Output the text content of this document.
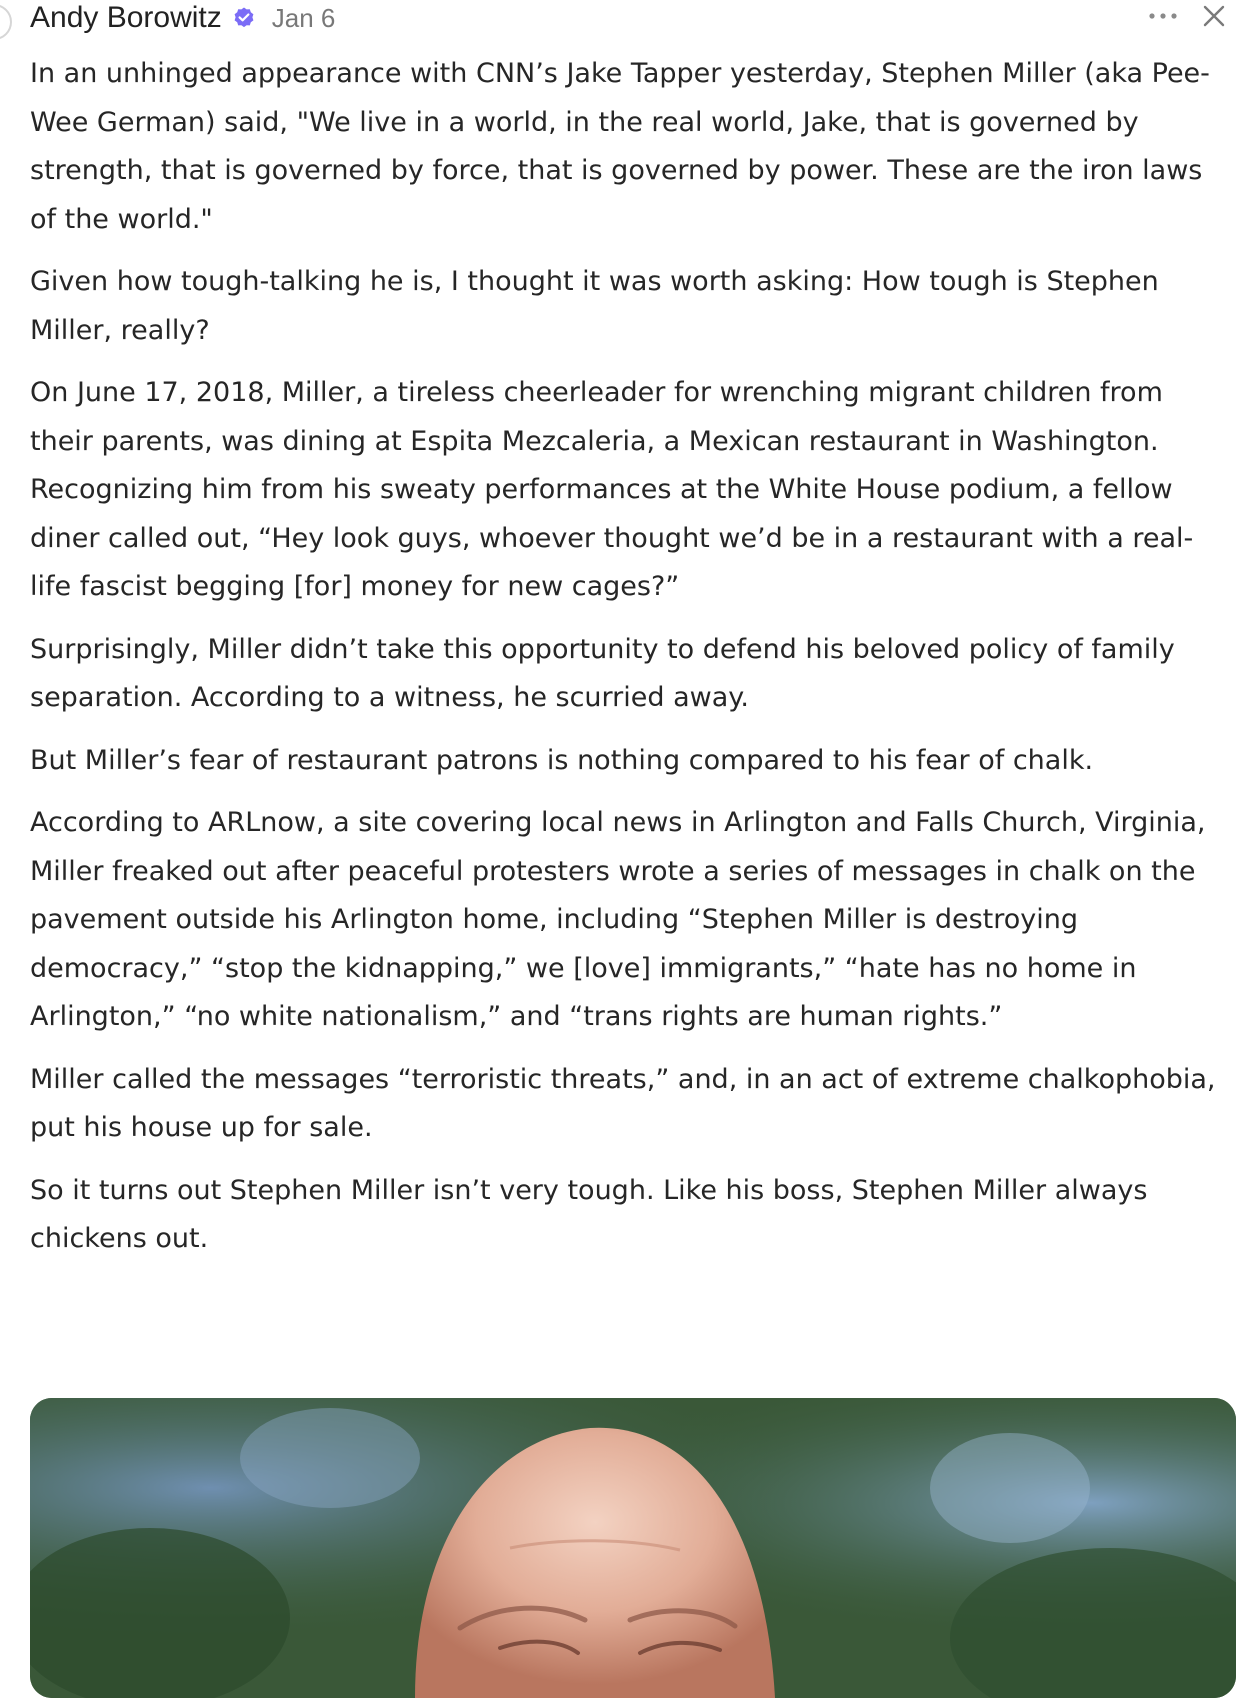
Andy Borowitz Jan 6

In an unhinged appearance with CNN’s Jake Tapper yesterday, Stephen Miller (aka Pee-Wee German) said, "We live in a world, in the real world, Jake, that is governed by strength, that is governed by force, that is governed by power. These are the iron laws of the world."

Given how tough-talking he is, I thought it was worth asking: How tough is Stephen Miller, really?

On June 17, 2018, Miller, a tireless cheerleader for wrenching migrant children from their parents, was dining at Espita Mezcaleria, a Mexican restaurant in Washington. Recognizing him from his sweaty performances at the White House podium, a fellow diner called out, “Hey look guys, whoever thought we’d be in a restaurant with a real-life fascist begging [for] money for new cages?”

Surprisingly, Miller didn’t take this opportunity to defend his beloved policy of family separation. According to a witness, he scurried away.

But Miller’s fear of restaurant patrons is nothing compared to his fear of chalk.

According to ARLnow, a site covering local news in Arlington and Falls Church, Virginia, Miller freaked out after peaceful protesters wrote a series of messages in chalk on the pavement outside his Arlington home, including “Stephen Miller is destroying democracy,” “stop the kidnapping,” we [love] immigrants,” “hate has no home in Arlington,” “no white nationalism,” and “trans rights are human rights.”

Miller called the messages “terroristic threats,” and, in an act of extreme chalkophobia, put his house up for sale.

So it turns out Stephen Miller isn’t very tough. Like his boss, Stephen Miller always chickens out.
